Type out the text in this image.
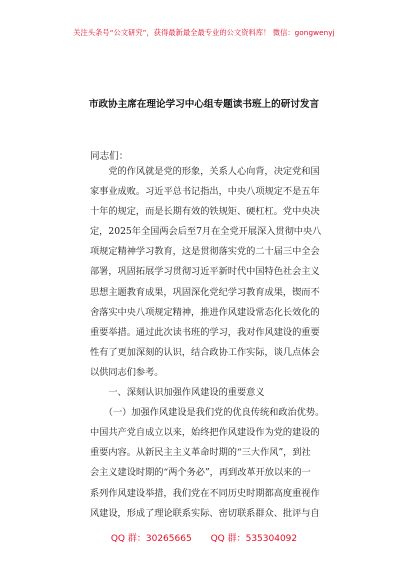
关注头条号“公文研究”，获得最新最全最专业的公文资料库！ 微信：gongwenyj
市政协主席在理论学习中心组专题读书班上的研讨发言
同志们：
　　党的作风就是党的形象，关系人心向背，决定党和国
家事业成败。习近平总书记指出，中央八项规定不是五年
十年的规定，而是长期有效的铁规矩、硬杠杠。党中央决
定，2025年全国两会后至7月在全党开展深入贯彻中央八
项规定精神学习教育，这是贯彻落实党的二十届三中全会
部署，巩固拓展学习贯彻习近平新时代中国特色社会主义
思想主题教育成果，巩固深化党纪学习教育成果，锲而不
舍落实中央八项规定精神，推进作风建设常态化长效化的
重要举措。通过此次读书班的学习，我对作风建设的重要
性有了更加深刻的认识，结合政协工作实际，谈几点体会
以供同志们参考。
　　一、深刻认识加强作风建设的重要意义
　　（一）加强作风建设是我们党的优良传统和政治优势。
中国共产党自成立以来，始终把作风建设作为党的建设的
重要内容。从新民主主义革命时期的“三大作风”，到社
会主义建设时期的“两个务必”，再到改革开放以来的一
系列作风建设举措，我们党在不同历史时期都高度重视作
风建设，形成了理论联系实际、密切联系群众、批评与自
QQ 群：30265665 QQ 群：535304092
